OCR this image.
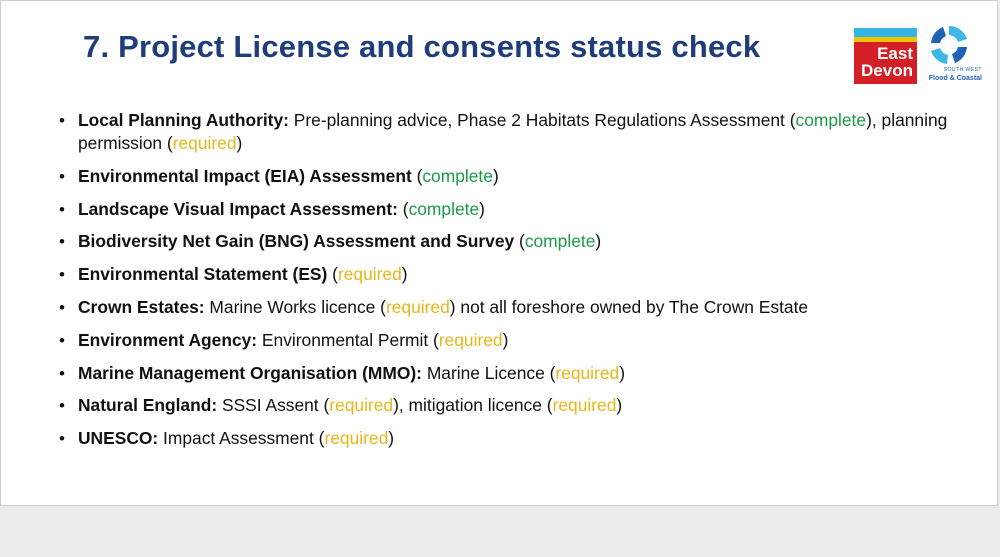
7. Project License and consents status check	East
Devon	SOUTH WEST
Flood & Coastal
• Local Planning Authority: Pre-planning advice, Phase 2 Habitats Regulations Assessment (complete), planning permission (required)
• Environmental Impact (EIA) Assessment (complete)
• Landscape Visual Impact Assessment: (complete)
• Biodiversity Net Gain (BNG) Assessment and Survey (complete)
• Environmental Statement (ES) (required)
• Crown Estates: Marine Works licence (required) not all foreshore owned by The Crown Estate
• Environment Agency: Environmental Permit (required)
• Marine Management Organisation (MMO): Marine Licence (required)
• Natural England: SSSI Assent (required), mitigation licence (required)
• UNESCO: Impact Assessment (required)
